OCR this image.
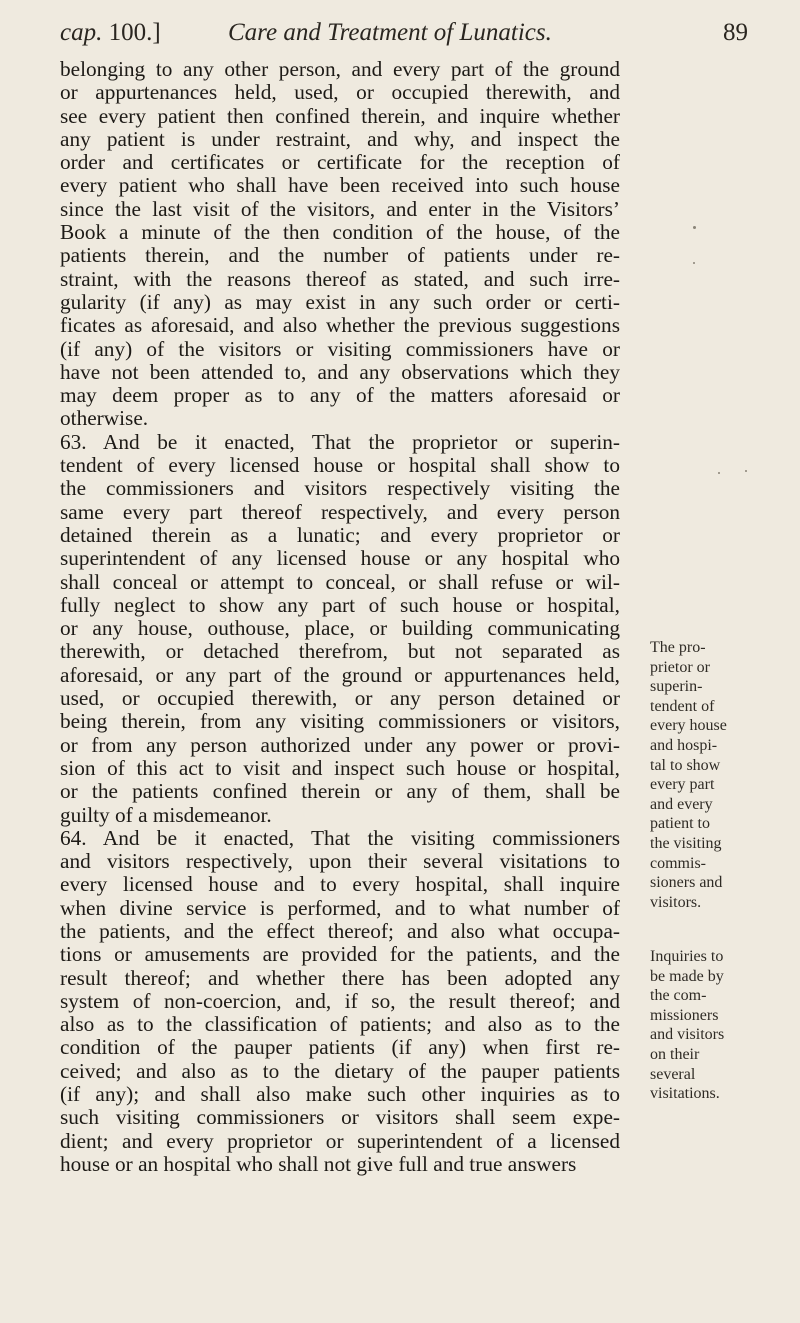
cap. 100.]	Care and Treatment of Lunatics.	89
belonging to any other person, and every part of the ground
or appurtenances held, used, or occupied therewith, and
see every patient then confined therein, and inquire whether
any patient is under restraint, and why, and inspect the
order and certificates or certificate for the reception of
every patient who shall have been received into such house
since the last visit of the visitors, and enter in the Visitors’
Book a minute of the then condition of the house, of the
patients therein, and the number of patients under re-
straint, with the reasons thereof as stated, and such irre-
gularity (if any) as may exist in any such order or certi-
ficates as aforesaid, and also whether the previous suggestions
(if any) of the visitors or visiting commissioners have or
have not been attended to, and any observations which they
may deem proper as to any of the matters aforesaid or
otherwise.
63. And be it enacted, That the proprietor or superin-
tendent of every licensed house or hospital shall show to
the commissioners and visitors respectively visiting the
same every part thereof respectively, and every person
detained therein as a lunatic; and every proprietor or
superintendent of any licensed house or any hospital who
shall conceal or attempt to conceal, or shall refuse or wil-
fully neglect to show any part of such house or hospital,
or any house, outhouse, place, or building communicating
therewith, or detached therefrom, but not separated as
aforesaid, or any part of the ground or appurtenances held,
used, or occupied therewith, or any person detained or
being therein, from any visiting commissioners or visitors,
or from any person authorized under any power or provi-
sion of this act to visit and inspect such house or hospital,
or the patients confined therein or any of them, shall be
guilty of a misdemeanor.
64. And be it enacted, That the visiting commissioners
and visitors respectively, upon their several visitations to
every licensed house and to every hospital, shall inquire
when divine service is performed, and to what number of
the patients, and the effect thereof; and also what occupa-
tions or amusements are provided for the patients, and the
result thereof; and whether there has been adopted any
system of non-coercion, and, if so, the result thereof; and
also as to the classification of patients; and also as to the
condition of the pauper patients (if any) when first re-
ceived; and also as to the dietary of the pauper patients
(if any); and shall also make such other inquiries as to
such visiting commissioners or visitors shall seem expe-
dient; and every proprietor or superintendent of a licensed
house or an hospital who shall not give full and true answers
The pro-
prietor or
superin-
tendent of
every house
and hospi-
tal to show
every part
and every
patient to
the visiting
commis-
sioners and
visitors.
Inquiries to
be made by
the com-
missioners
and visitors
on their
several
visitations.
